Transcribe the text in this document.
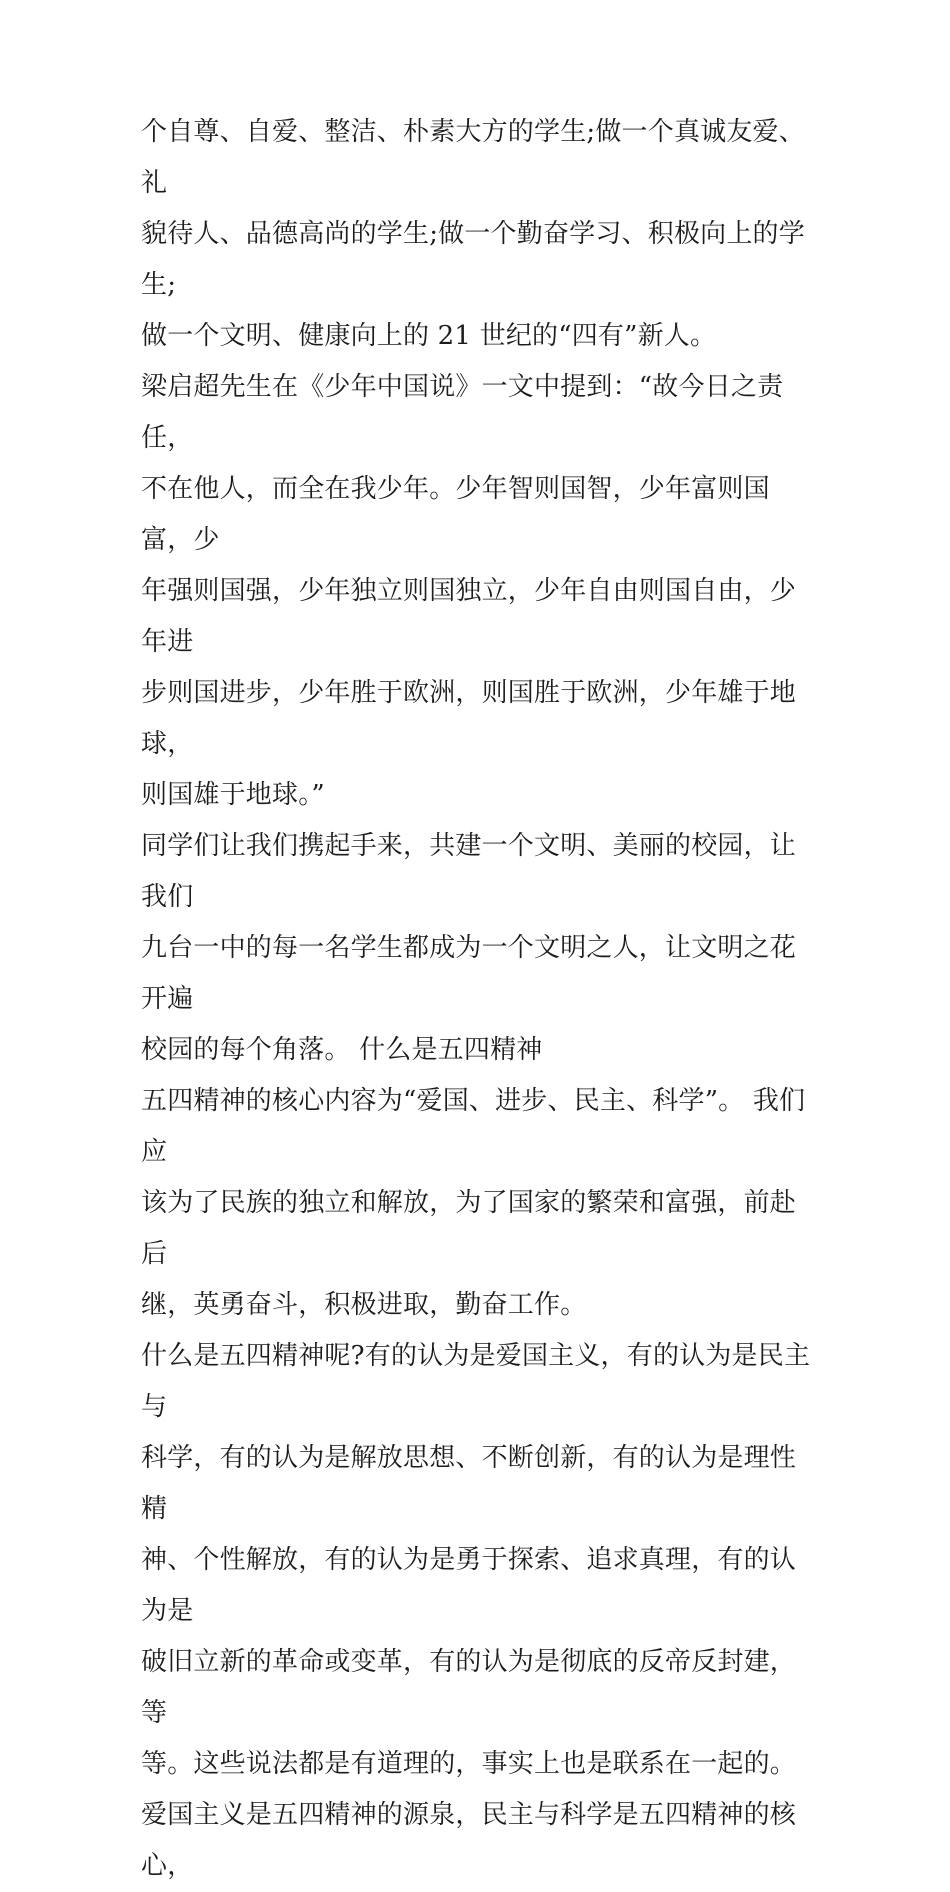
个自尊、自爱、整洁、朴素大方的学生;做一个真诚友爱、礼
貌待人、品德高尚的学生;做一个勤奋学习、积极向上的学生;
做一个文明、健康向上的 21 世纪的“四有”新人。

梁启超先生在《少年中国说》一文中提到：“故今日之责任，
不在他人，而全在我少年。少年智则国智，少年富则国富，少
年强则国强，少年独立则国独立，少年自由则国自由，少年进
步则国进步，少年胜于欧洲，则国胜于欧洲，少年雄于地球，
则国雄于地球。”

同学们让我们携起手来，共建一个文明、美丽的校园，让我们
九台一中的每一名学生都成为一个文明之人，让文明之花开遍
校园的每个角落。 什么是五四精神

五四精神的核心内容为“爱国、进步、民主、科学”。 我们应
该为了民族的独立和解放，为了国家的繁荣和富强，前赴后
继，英勇奋斗，积极进取，勤奋工作。

什么是五四精神呢?有的认为是爱国主义，有的认为是民主与
科学，有的认为是解放思想、不断创新，有的认为是理性精
神、个性解放，有的认为是勇于探索、追求真理，有的认为是
破旧立新的革命或变革，有的认为是彻底的反帝反封建，等
等。这些说法都是有道理的，事实上也是联系在一起的。

爱国主义是五四精神的源泉，民主与科学是五四精神的核心，
